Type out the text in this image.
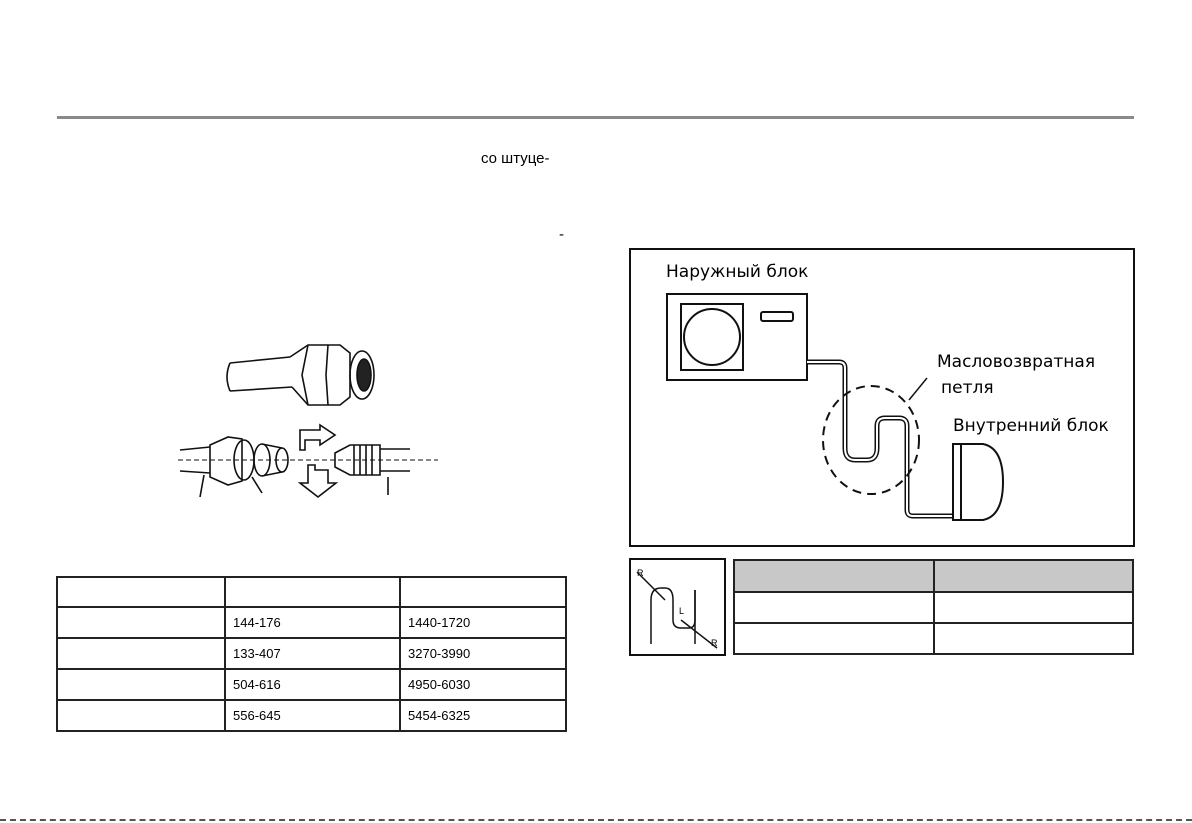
со штуце-
-

	144-176	1440-1720
	133-407	3270-3990
	504-616	4950-6030
	556-645	5454-6325
Наружный блок
Масловозвратная
петля
Внутренний блок
R
L
R
